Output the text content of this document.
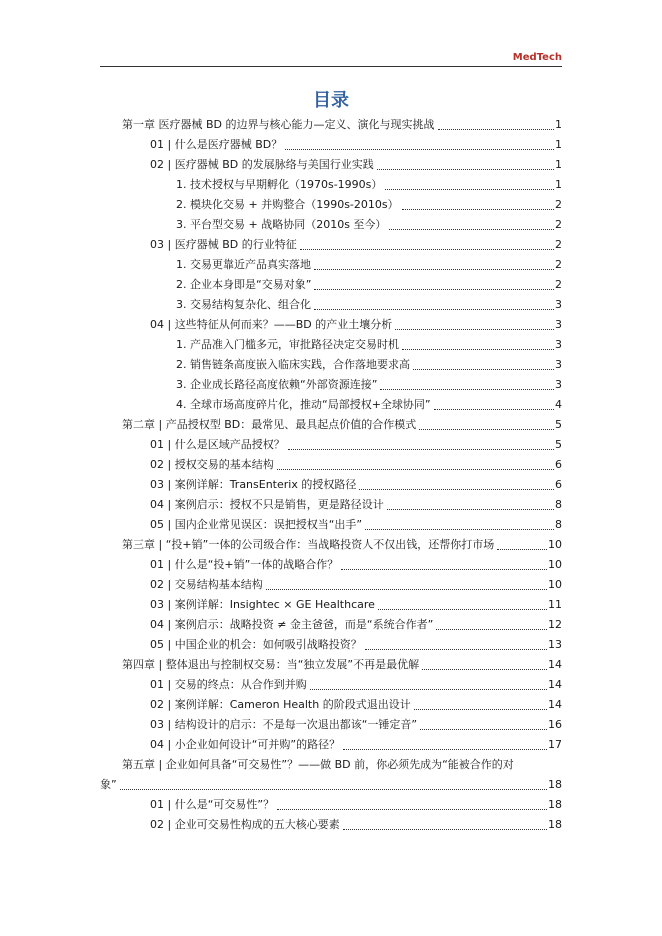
MedTech
目录
第一章 医疗器械 BD 的边界与核心能力—定义、演化与现实挑战	1
01 | 什么是医疗器械 BD？	1
02 | 医疗器械 BD 的发展脉络与美国行业实践	1
1. 技术授权与早期孵化（1970s-1990s）	1
2. 模块化交易 + 并购整合（1990s-2010s）	2
3. 平台型交易 + 战略协同（2010s 至今）	2
03 | 医疗器械 BD 的行业特征	2
1. 交易更靠近产品真实落地	2
2. 企业本身即是“交易对象”	2
3. 交易结构复杂化、组合化	3
04 | 这些特征从何而来？——BD 的产业土壤分析	3
1. 产品准入门槛多元，审批路径决定交易时机	3
2. 销售链条高度嵌入临床实践，合作落地要求高	3
3. 企业成长路径高度依赖“外部资源连接”	3
4. 全球市场高度碎片化，推动“局部授权+全球协同”	4
第二章 | 产品授权型 BD：最常见、最具起点价值的合作模式	5
01 | 什么是区域产品授权？	5
02 | 授权交易的基本结构	6
03 | 案例详解：TransEnterix 的授权路径	6
04 | 案例启示：授权不只是销售，更是路径设计	8
05 | 国内企业常见误区：误把授权当“出手”	8
第三章 | “投+销”一体的公司级合作：当战略投资人不仅出钱，还帮你打市场	10
01 | 什么是“投+销”一体的战略合作？	10
02 | 交易结构基本结构	10
03 | 案例详解：Insightec × GE Healthcare	11
04 | 案例启示：战略投资 ≠ 金主爸爸，而是“系统合作者”	12
05 | 中国企业的机会：如何吸引战略投资？	13
第四章 | 整体退出与控制权交易：当“独立发展”不再是最优解	14
01 | 交易的终点：从合作到并购	14
02 | 案例详解：Cameron Health 的阶段式退出设计	14
03 | 结构设计的启示：不是每一次退出都该“一锤定音”	16
04 | 小企业如何设计“可并购”的路径？	17
第五章 | 企业如何具备“可交易性”？——做 BD 前，你必须先成为“能被合作的对
象”	18
01 | 什么是“可交易性”？	18
02 | 企业可交易性构成的五大核心要素	18
